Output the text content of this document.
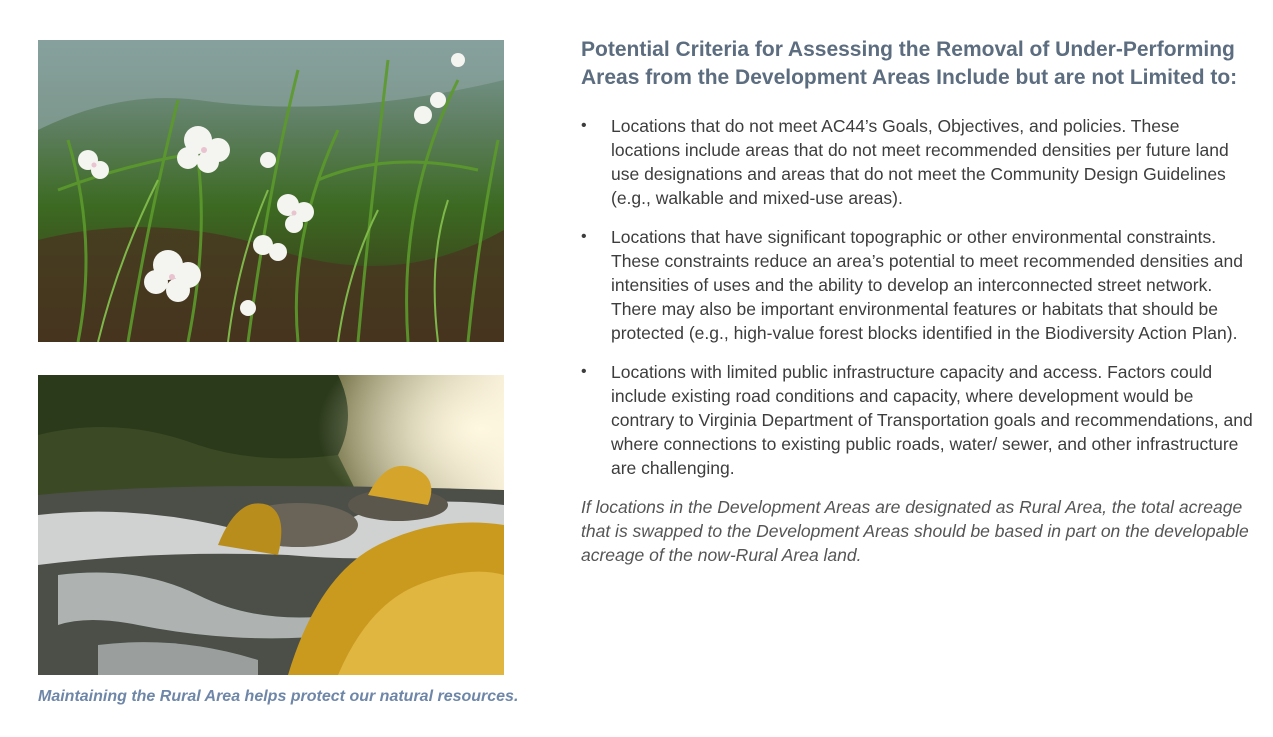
Maintaining the Rural Area helps protect our natural resources.
Potential Criteria for Assessing the Removal of Under-Performing Areas from the Development Areas Include but are not Limited to:
• Locations that do not meet AC44’s Goals, Objectives, and policies. These locations include areas that do not meet recommended densities per future land use designations and areas that do not meet the Community Design Guidelines (e.g., walkable and mixed-use areas).
• Locations that have significant topographic or other environmental constraints. These constraints reduce an area’s potential to meet recommended densities and intensities of uses and the ability to develop an interconnected street network. There may also be important environmental features or habitats that should be protected (e.g., high-value forest blocks identified in the Biodiversity Action Plan).
• Locations with limited public infrastructure capacity and access. Factors could include existing road conditions and capacity, where development would be contrary to Virginia Department of Transportation goals and recommendations, and where connections to existing public roads, water/ sewer, and other infrastructure are challenging.

If locations in the Development Areas are designated as Rural Area, the total acreage that is swapped to the Development Areas should be based in part on the developable acreage of the now-Rural Area land.
